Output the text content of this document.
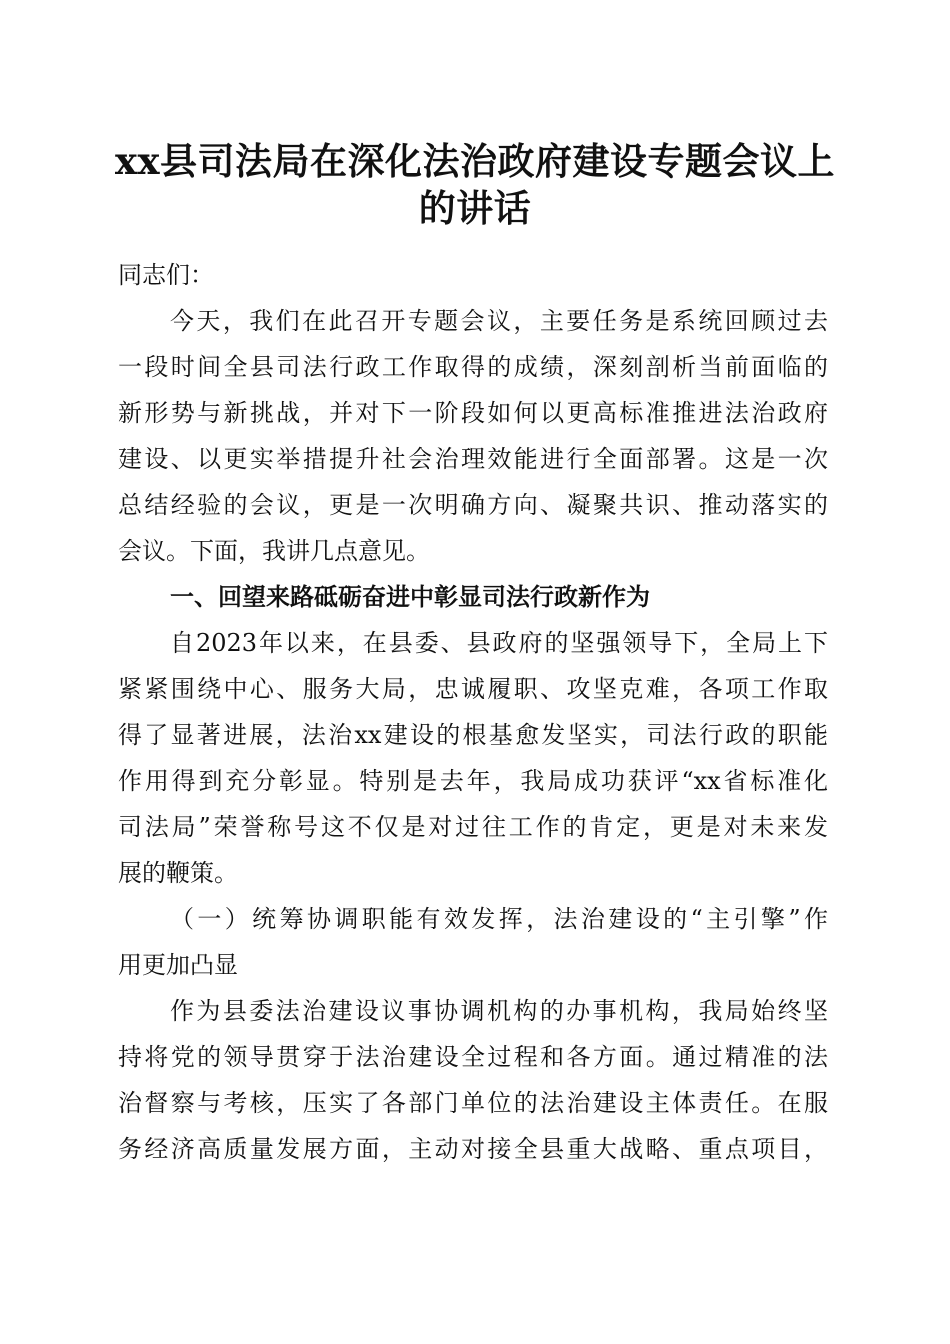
xx县司法局在深化法治政府建设专题会议上
的讲话
同志们：
今天，我们在此召开专题会议，主要任务是系统回顾过去
一段时间全县司法行政工作取得的成绩，深刻剖析当前面临的
新形势与新挑战，并对下一阶段如何以更高标准推进法治政府
建设、以更实举措提升社会治理效能进行全面部署。这是一次
总结经验的会议，更是一次明确方向、凝聚共识、推动落实的
会议。下面，我讲几点意见。
一、回望来路砥砺奋进中彰显司法行政新作为
自2023年以来，在县委、县政府的坚强领导下，全局上下
紧紧围绕中心、服务大局，忠诚履职、攻坚克难，各项工作取
得了显著进展，法治xx建设的根基愈发坚实，司法行政的职能
作用得到充分彰显。特别是去年，我局成功获评“xx省标准化
司法局”荣誉称号这不仅是对过往工作的肯定，更是对未来发
展的鞭策。
（一）统筹协调职能有效发挥，法治建设的“主引擎”作
用更加凸显
作为县委法治建设议事协调机构的办事机构，我局始终坚
持将党的领导贯穿于法治建设全过程和各方面。通过精准的法
治督察与考核，压实了各部门单位的法治建设主体责任。在服
务经济高质量发展方面，主动对接全县重大战略、重点项目，
